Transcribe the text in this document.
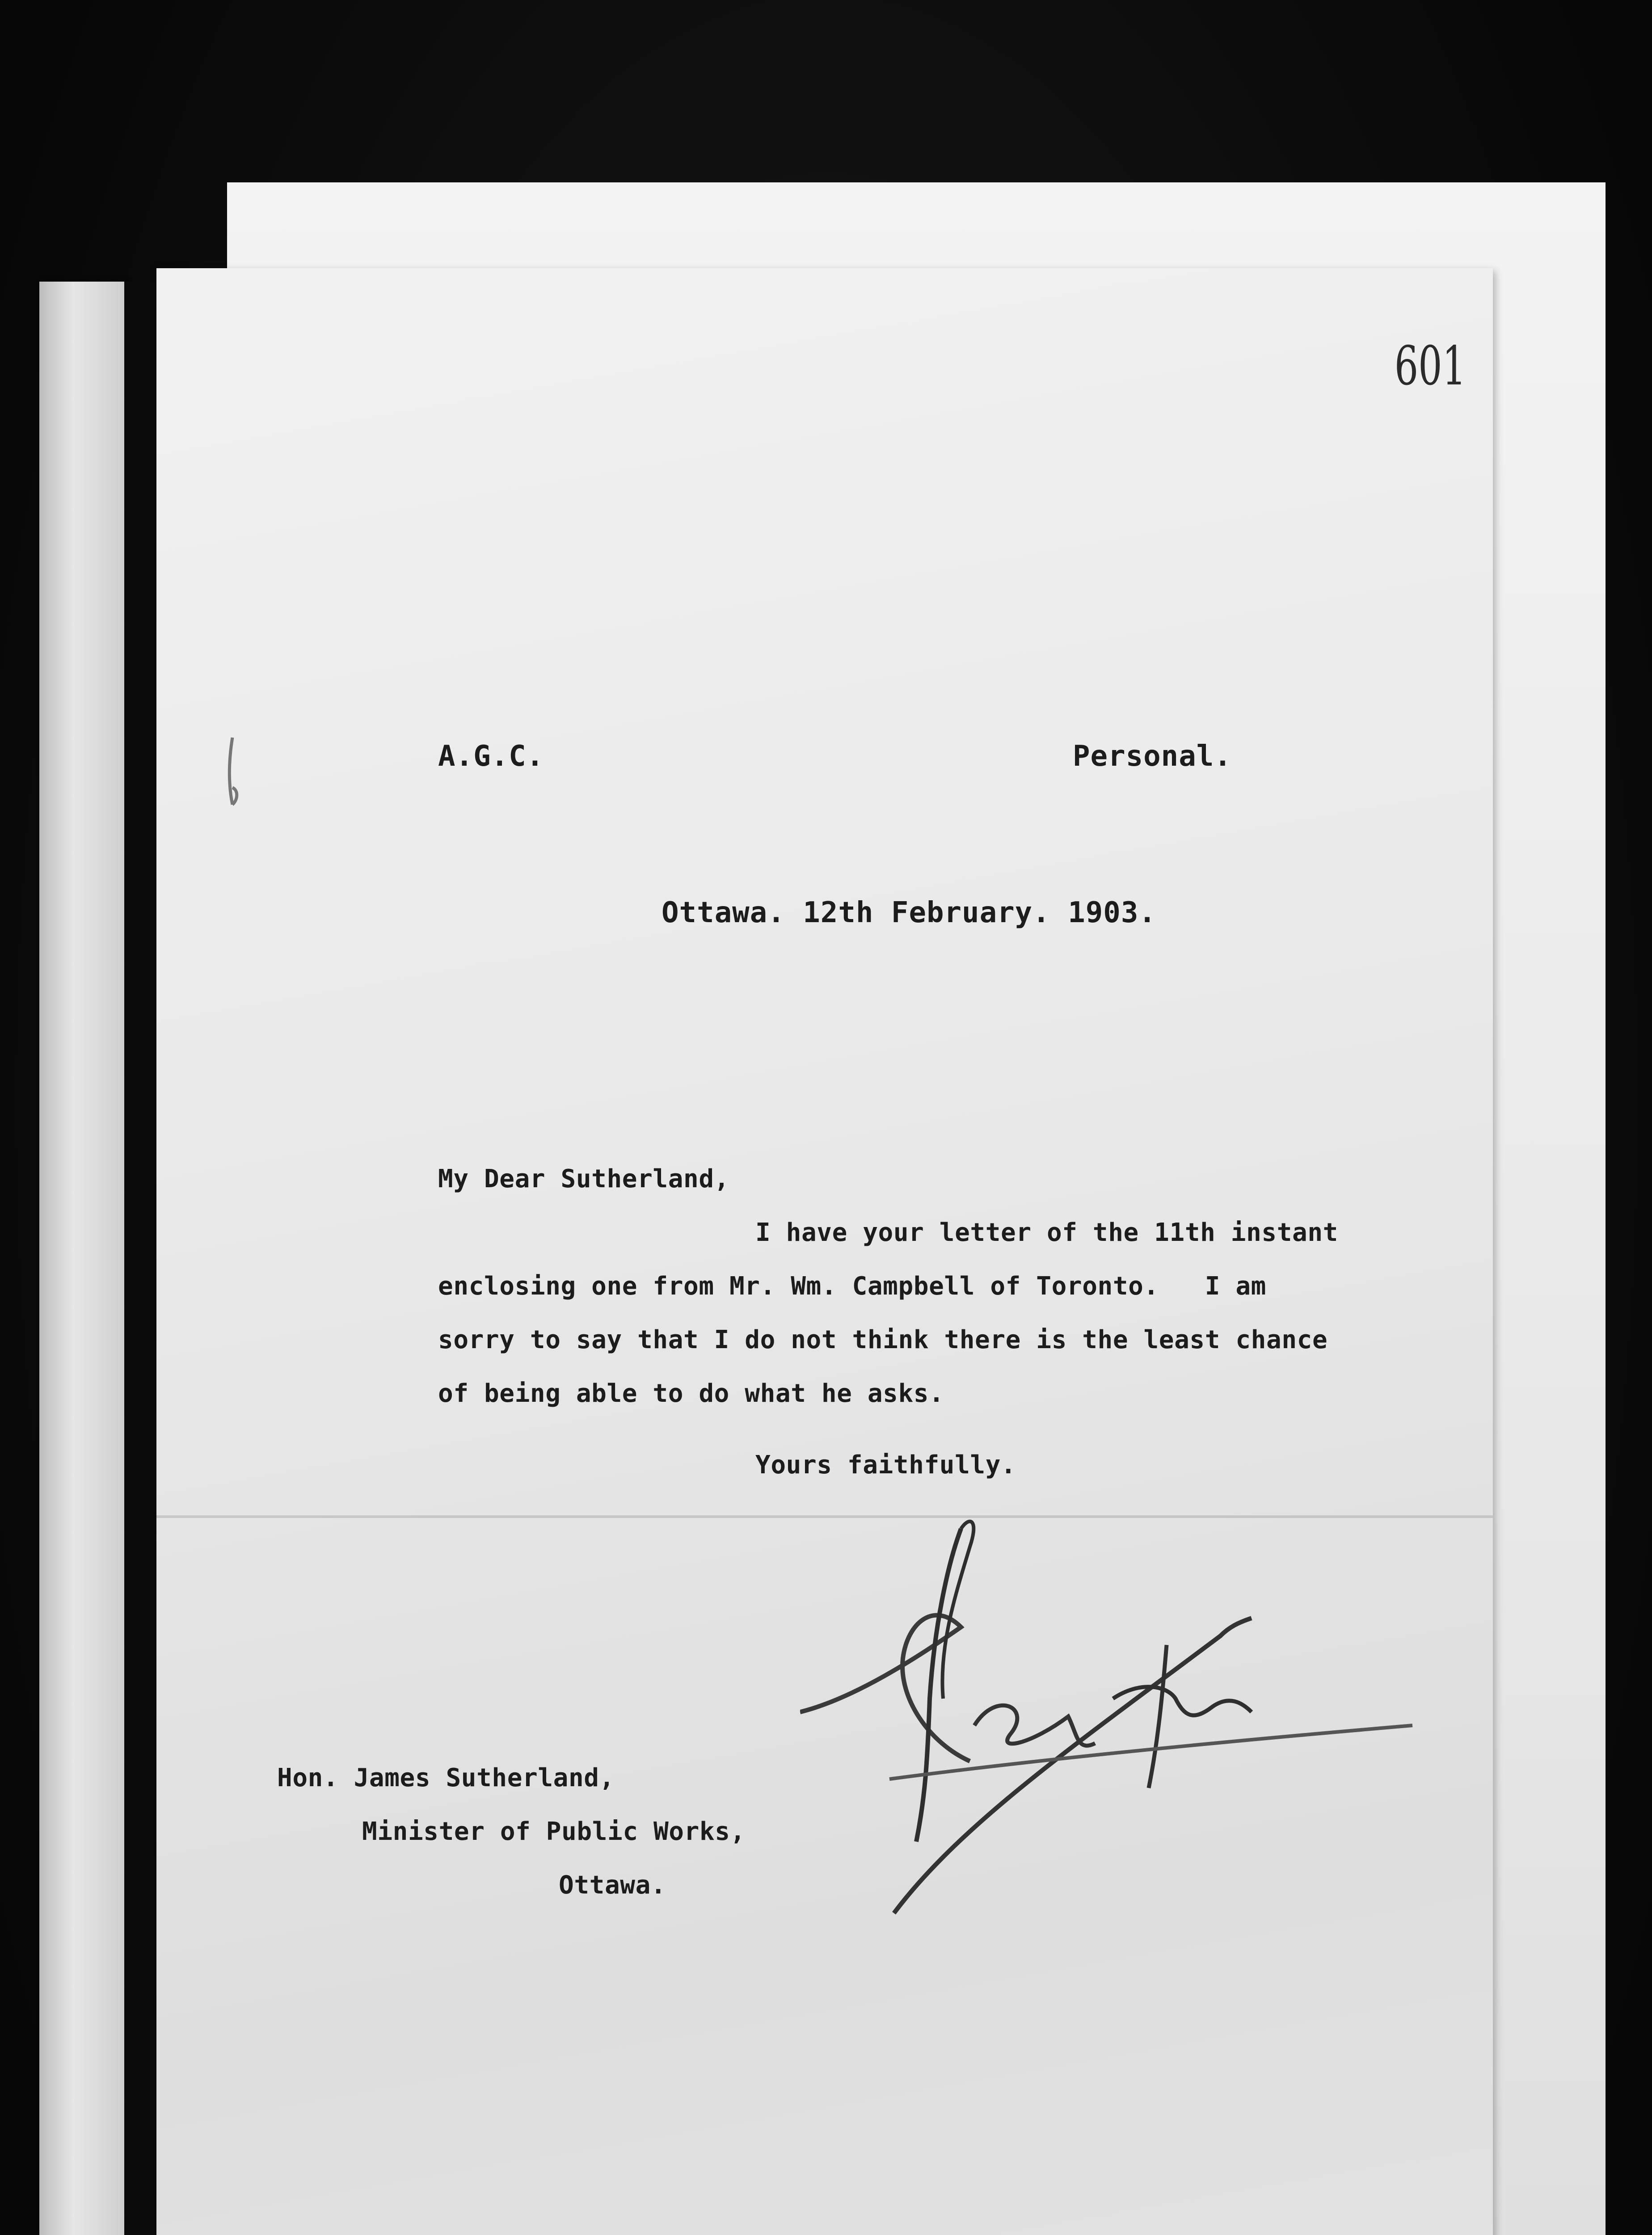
601
A.G.C.	Personal.
Ottawa. 12th February. 1903.
My Dear Sutherland,
I have your letter of the 11th instant
enclosing one from Mr. Wm. Campbell of Toronto.   I am
sorry to say that I do not think there is the least chance
of being able to do what he asks.
Yours faithfully.
Hon. James Sutherland,
Minister of Public Works,
Ottawa.
